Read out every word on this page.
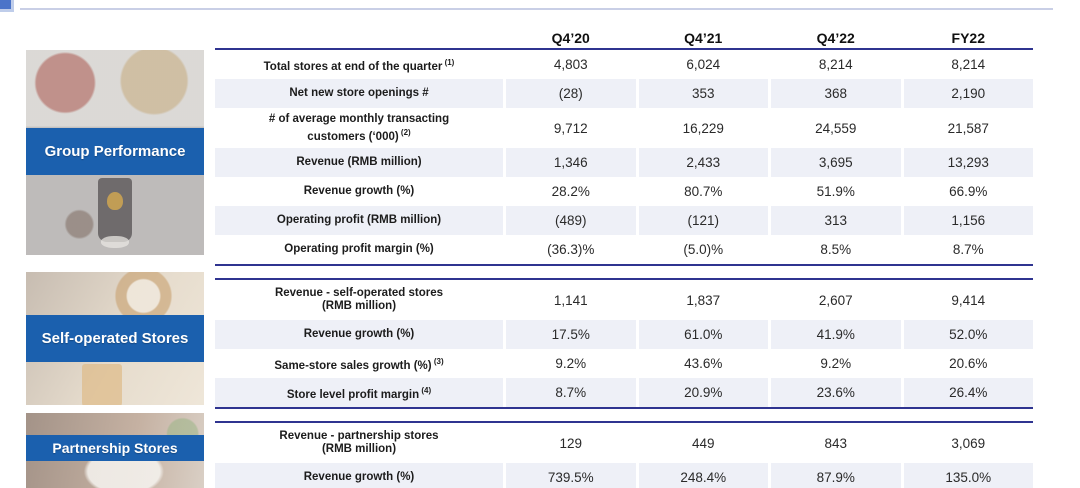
Group Performance
Self-operated Stores
Partnership Stores
Q4’20	Q4’21	Q4’22	FY22
Total stores at end of the quarter $^{(1)}$	4,803	6,024	8,214	8,214
Net new store openings #	(28)	353	368	2,190
# of average monthly transacting
customers (‘000) $^{(2)}$	9,712	16,229	24,559	21,587
Revenue (RMB million)	1,346	2,433	3,695	13,293
Revenue growth (%)	28.2%	80.7%	51.9%	66.9%
Operating profit (RMB million)	(489)	(121)	313	1,156
Operating profit margin (%)	(36.3)%	(5.0)%	8.5%	8.7%
Revenue - self-operated stores
(RMB million)	1,141	1,837	2,607	9,414
Revenue growth (%)	17.5%	61.0%	41.9%	52.0%
Same-store sales growth (%) $^{(3)}$	9.2%	43.6%	9.2%	20.6%
Store level profit margin $^{(4)}$	8.7%	20.9%	23.6%	26.4%
Revenue - partnership stores
(RMB million)	129	449	843	3,069
Revenue growth (%)	739.5%	248.4%	87.9%	135.0%
